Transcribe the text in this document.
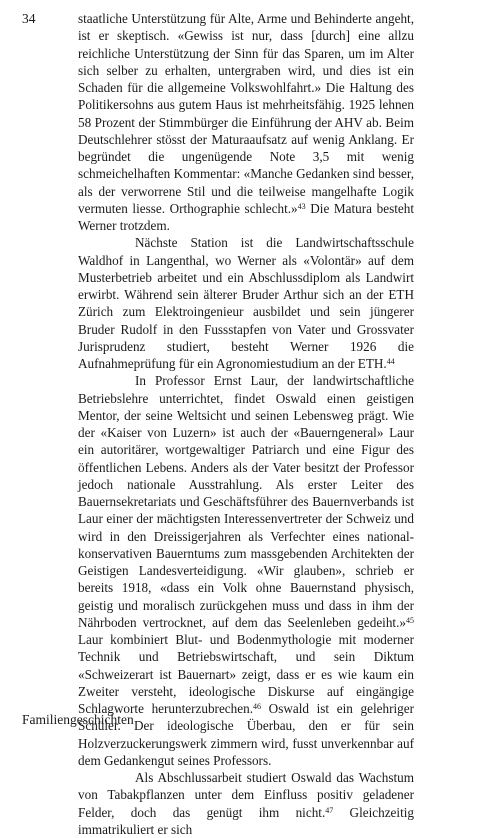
34	staatliche Unterstützung für Alte, Arme und Behinderte angeht, ist er skeptisch. «Gewiss ist nur, dass [durch] eine allzu reichliche Unterstützung der Sinn für das Sparen, um im Alter sich selber zu erhalten, untergraben wird, und dies ist ein Schaden für die allgemeine Volkswohlfahrt.» Die Haltung des Politikersohns aus gutem Haus ist mehrheitsfähig. 1925 lehnen 58 Prozent der Stimmbürger die Einführung der AHV ab. Beim Deutschlehrer stösst der Maturaaufsatz auf wenig Anklang. Er begründet die ungenügende Note 3,5 mit wenig schmeichelhaften Kommentar: «Manche Gedanken sind besser, als der verworrene Stil und die teilweise mangelhafte Logik vermuten liesse. Orthographie schlecht.»$^{43}$ Die Matura besteht Werner trotzdem.

Nächste Station ist die Landwirtschaftsschule Waldhof in Langenthal, wo Werner als «Volontär» auf dem Musterbetrieb arbeitet und ein Abschlussdiplom als Landwirt erwirbt. Während sein älterer Bruder Arthur sich an der ETH Zürich zum Elektroingenieur ausbildet und sein jüngerer Bruder Rudolf in den Fussstapfen von Vater und Grossvater Jurisprudenz studiert, besteht Werner 1926 die Aufnahmeprüfung für ein Agronomiestudium an der ETH.$^{44}$

In Professor Ernst Laur, der landwirtschaftliche Betriebslehre unterrichtet, findet Oswald einen geistigen Mentor, der seine Weltsicht und seinen Lebensweg prägt. Wie der «Kaiser von Luzern» ist auch der «Bauerngeneral» Laur ein autoritärer, wortgewaltiger Patriarch und eine Figur des öffentlichen Lebens. Anders als der Vater besitzt der Professor jedoch nationale Ausstrahlung. Als erster Leiter des Bauernsekretariats und Geschäftsführer des Bauernverbands ist Laur einer der mächtigsten Interessenvertreter der Schweiz und wird in den Dreissigerjahren als Verfechter eines national-konservativen Bauerntums zum massgebenden Architekten der Geistigen Landesverteidigung. «Wir glauben», schrieb er bereits 1918, «dass ein Volk ohne Bauernstand physisch, geistig und moralisch zurückgehen muss und dass in ihm der Nährboden vertrocknet, auf dem das Seelenleben gedeiht.»$^{45}$ Laur kombiniert Blut- und Bodenmythologie mit moderner Technik und Betriebswirtschaft, und sein Diktum «Schweizerart ist Bauernart» zeigt, dass er es wie kaum ein Zweiter versteht, ideologische Diskurse auf eingängige Schlagworte herunterzubrechen.$^{46}$ Oswald ist ein gelehriger Schüler. Der ideologische Überbau, den er für sein Holzverzuckerungswerk zimmern wird, fusst unverkennbar auf dem Gedankengut seines Professors.

Als Abschlussarbeit studiert Oswald das Wachstum von Tabakpflanzen unter dem Einfluss positiv geladener Felder, doch das genügt ihm nicht.$^{47}$ Gleichzeitig immatrikuliert er sich

Familiengeschichten
